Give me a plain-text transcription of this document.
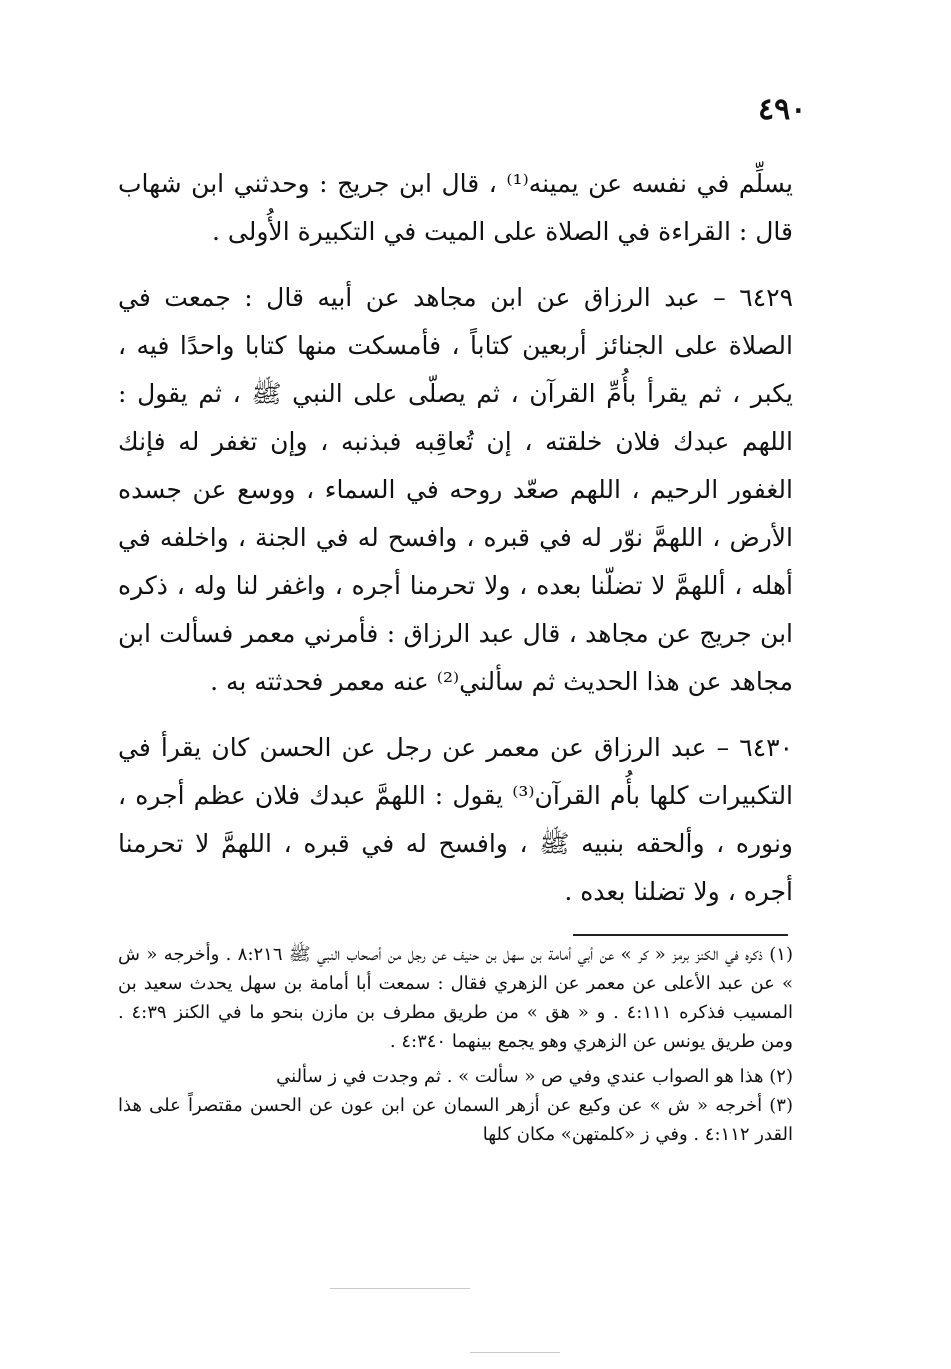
٤٩٠

يسلِّم في نفسه عن يمينه⁽¹⁾ ، قال ابن جريج : وحدثني ابن شهاب قال : القراءة في الصلاة على الميت في التكبيرة الأُولى .

٦٤٢٩ – عبد الرزاق عن ابن مجاهد عن أبيه قال : جمعت في الصلاة على الجنائز أربعين كتاباً ، فأمسكت منها كتابا واحدًا فيه ، يكبر ، ثم يقرأ بأُمِّ القرآن ، ثم يصلّى على النبي ﷺ ، ثم يقول : اللهم عبدك فلان خلقته ، إن تُعاقِبه فبذنبه ، وإن تغفر له فإنك الغفور الرحيم ، اللهم صعّد روحه في السماء ، ووسع عن جسده الأرض ، اللهمَّ نوّر له في قبره ، وافسح له في الجنة ، واخلفه في أهله ، أللهمَّ لا تضلّنا بعده ، ولا تحرمنا أجره ، واغفر لنا وله ، ذكره ابن جريج عن مجاهد ، قال عبد الرزاق : فأمرني معمر فسألت ابن مجاهد عن هذا الحديث ثم سألني⁽²⁾ عنه معمر فحدثته به .

٦٤٣٠ – عبد الرزاق عن معمر عن رجل عن الحسن كان يقرأ في التكبيرات كلها بأُم القرآن⁽³⁾ يقول : اللهمَّ عبدك فلان عظم أجره ، ونوره ، وألحقه بنبيه ﷺ ، وافسح له في قبره ، اللهمَّ لا تحرمنا أجره ، ولا تضلنا بعده .

(١) ذكره في الكنز برمز « كر » عن أبي أمامة بن سهل بن حنيف عن رجل من أصحاب النبي ﷺ ٨:٢١٦ . وأخرجه « ش » عن عبد الأعلى عن معمر عن الزهري فقال : سمعت أبا أمامة بن سهل يحدث سعيد بن المسيب فذكره ٤:١١١ . و « هق » من طريق مطرف بن مازن بنحو ما في الكنز ٤:٣٩ . ومن طريق يونس عن الزهري وهو يجمع بينهما ٤:٣٤٠ .

(٢) هذا هو الصواب عندي وفي ص « سألت » . ثم وجدت في ز سألني

(٣) أخرجه « ش » عن وكيع عن أزهر السمان عن ابن عون عن الحسن مقتصراً على هذا القدر ٤:١١٢ . وفي ز «كلمتهن» مكان كلها
